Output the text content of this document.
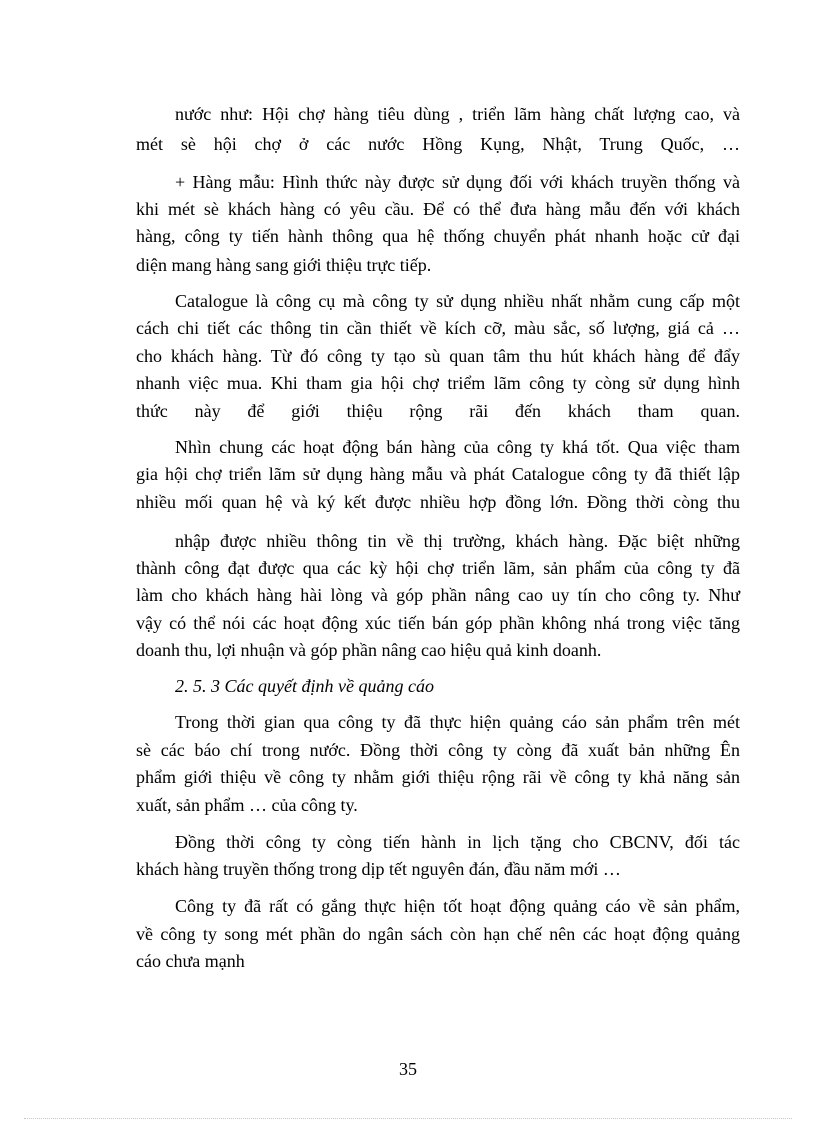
nước như: Hội chợ hàng tiêu dùng , triển lãm hàng chất lượng cao, và
mét sè hội chợ ở các nước Hồng Kụng, Nhật, Trung Quốc, …
+ Hàng mẫu: Hình thức này được sử dụng đối với khách truyền thống và
khi mét sè khách hàng có yêu cầu. Để có thể đưa hàng mẫu đến với khách
hàng, công ty tiến hành thông qua hệ thống chuyển phát nhanh hoặc cử đại
diện mang hàng sang giới thiệu trực tiếp.
Catalogue là công cụ mà công ty sử dụng nhiều nhất nhằm cung cấp một
cách chi tiết các thông tin cần thiết về kích cỡ, màu sắc, số lượng, giá cả …
cho khách hàng. Từ đó công ty tạo sù quan tâm thu hút khách hàng để đẩy
nhanh việc mua. Khi tham gia hội chợ triểm lãm công ty còng sử dụng hình
thức này để giới thiệu rộng rãi đến khách tham quan.
Nhìn chung các hoạt động bán hàng của công ty khá tốt. Qua việc tham
gia hội chợ triển lãm sử dụng hàng mẫu và phát Catalogue công ty đã thiết lập
nhiều mối quan hệ và ký kết được nhiều hợp đồng lớn. Đồng thời còng thu
nhập được nhiều thông tin về thị trường, khách hàng. Đặc biệt những
thành công đạt được qua các kỳ hội chợ triển lãm, sản phẩm của công ty đã
làm cho khách hàng hài lòng và góp phần nâng cao uy tín cho công ty. Như
vậy có thể nói các hoạt động xúc tiến bán góp phần không nhá trong việc tăng
doanh thu, lợi nhuận và góp phần nâng cao hiệu quả kinh doanh.
2. 5. 3 Các quyết định về quảng cáo
Trong thời gian qua công ty đã thực hiện quảng cáo sản phẩm trên mét
sè các báo chí trong nước. Đồng thời công ty còng đã xuất bản những Ên
phẩm giới thiệu về công ty nhằm giới thiệu rộng rãi về công ty khả năng sản
xuất, sản phẩm … của công ty.
Đồng thời công ty còng tiến hành in lịch tặng cho CBCNV, đối tác
khách hàng truyền thống trong dịp tết nguyên đán, đầu năm mới …
Công ty đã rất có gắng thực hiện tốt hoạt động quảng cáo về sản phẩm,
về công ty song mét phần do ngân sách còn hạn chế nên các hoạt động quảng
cáo chưa mạnh
35
